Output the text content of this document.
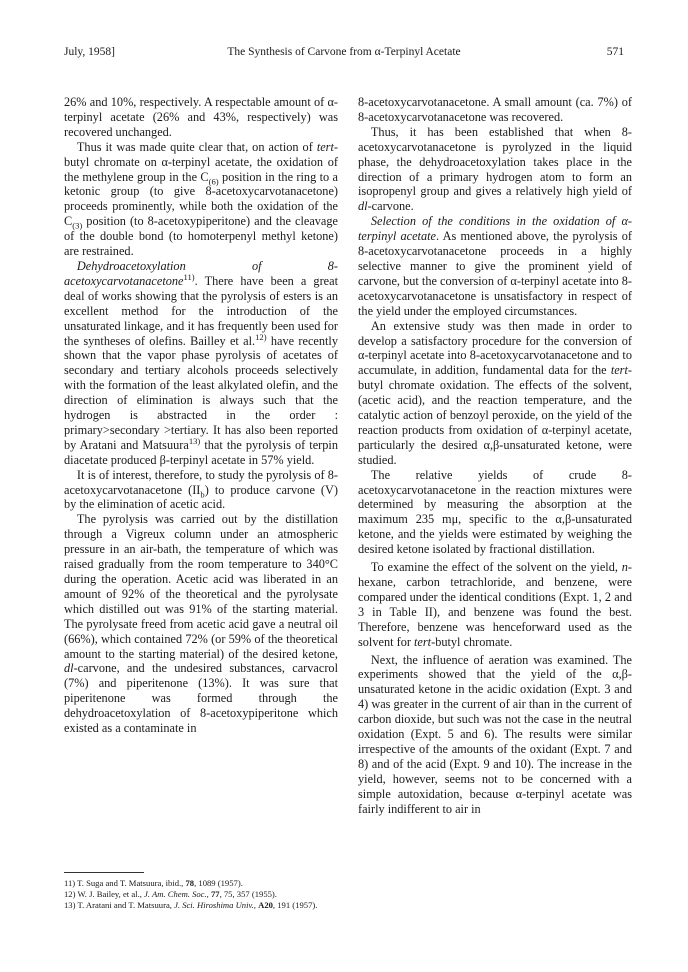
July, 1958]	The Synthesis of Carvone from α-Terpinyl Acetate	571

26% and 10%, respectively. A respectable amount of α-terpinyl acetate (26% and 43%, respectively) was recovered unchanged.

Thus it was made quite clear that, on action of tert-butyl chromate on α-terpinyl acetate, the oxidation of the methylene group in the $C_{(6)}$ position in the ring to a ketonic group (to give 8-acetoxycarvotanacetone) proceeds prominently, while both the oxidation of the $C_{(3)}$ position (to 8-acetoxypiperitone) and the cleavage of the double bond (to homoterpenyl methyl ketone) are restrained.

Dehydroacetoxylation of 8-acetoxycarvotanacetone$^{11)}$. There have been a great deal of works showing that the pyrolysis of esters is an excellent method for the introduction of the unsaturated linkage, and it has frequently been used for the syntheses of olefins. Bailley et al.$^{12)}$ have recently shown that the vapor phase pyrolysis of acetates of secondary and tertiary alcohols proceeds selectively with the formation of the least alkylated olefin, and the direction of elimination is always such that the hydrogen is abstracted in the order : primary>secondary >tertiary. It has also been reported by Aratani and Matsuura$^{13)}$ that the pyrolysis of terpin diacetate produced β-terpinyl acetate in 57% yield.

It is of interest, therefore, to study the pyrolysis of 8-acetoxycarvotanacetone $(II_b)$ to produce carvone (V) by the elimination of acetic acid.

The pyrolysis was carried out by the distillation through a Vigreux column under an atmospheric pressure in an air-bath, the temperature of which was raised gradually from the room temperature to 340°C during the operation. Acetic acid was liberated in an amount of 92% of the theoretical and the pyrolysate which distilled out was 91% of the starting material. The pyrolysate freed from acetic acid gave a neutral oil (66%), which contained 72% (or 59% of the theoretical amount to the starting material) of the desired ketone, dl-carvone, and the undesired substances, carvacrol (7%) and piperitenone (13%). It was sure that piperitenone was formed through the dehydroacetoxylation of 8-acetoxypiperitone which existed as a contaminate in

8-acetoxycarvotanacetone. A small amount (ca. 7%) of 8-acetoxycarvotanacetone was recovered.

Thus, it has been established that when 8-acetoxycarvotanacetone is pyrolyzed in the liquid phase, the dehydroacetoxylation takes place in the direction of a primary hydrogen atom to form an isopropenyl group and gives a relatively high yield of dl-carvone.

Selection of the conditions in the oxidation of α-terpinyl acetate. As mentioned above, the pyrolysis of 8-acetoxycarvotanacetone proceeds in a highly selective manner to give the prominent yield of carvone, but the conversion of α-terpinyl acetate into 8-acetoxycarvotanacetone is unsatisfactory in respect of the yield under the employed circumstances.

An extensive study was then made in order to develop a satisfactory procedure for the conversion of α-terpinyl acetate into 8-acetoxycarvotanacetone and to accumulate, in addition, fundamental data for the tert-butyl chromate oxidation. The effects of the solvent, (acetic acid), and the reaction temperature, and the catalytic action of benzoyl peroxide, on the yield of the reaction products from oxidation of α-terpinyl acetate, particularly the desired α,β-unsaturated ketone, were studied.

The relative yields of crude 8-acetoxycarvotanacetone in the reaction mixtures were determined by measuring the absorption at the maximum 235 mμ, specific to the α,β-unsaturated ketone, and the yields were estimated by weighing the desired ketone isolated by fractional distillation.

To examine the effect of the solvent on the yield, n-hexane, carbon tetrachloride, and benzene, were compared under the identical conditions (Expt. 1, 2 and 3 in Table II), and benzene was found the best. Therefore, benzene was henceforward used as the solvent for tert-butyl chromate.

Next, the influence of aeration was examined. The experiments showed that the yield of the α,β-unsaturated ketone in the acidic oxidation (Expt. 3 and 4) was greater in the current of air than in the current of carbon dioxide, but such was not the case in the neutral oxidation (Expt. 5 and 6). The results were similar irrespective of the amounts of the oxidant (Expt. 7 and 8) and of the acid (Expt. 9 and 10). The increase in the yield, however, seems not to be concerned with a simple autoxidation, because α-terpinyl acetate was fairly indifferent to air in

11) T. Suga and T. Matsuura, ibid., 78, 1089 (1957).

12) W. J. Bailey, et al., J. Am. Chem. Soc., 77, 75, 357 (1955).

13) T. Aratani and T. Matsuura, J. Sci. Hiroshima Univ., A20, 191 (1957).
